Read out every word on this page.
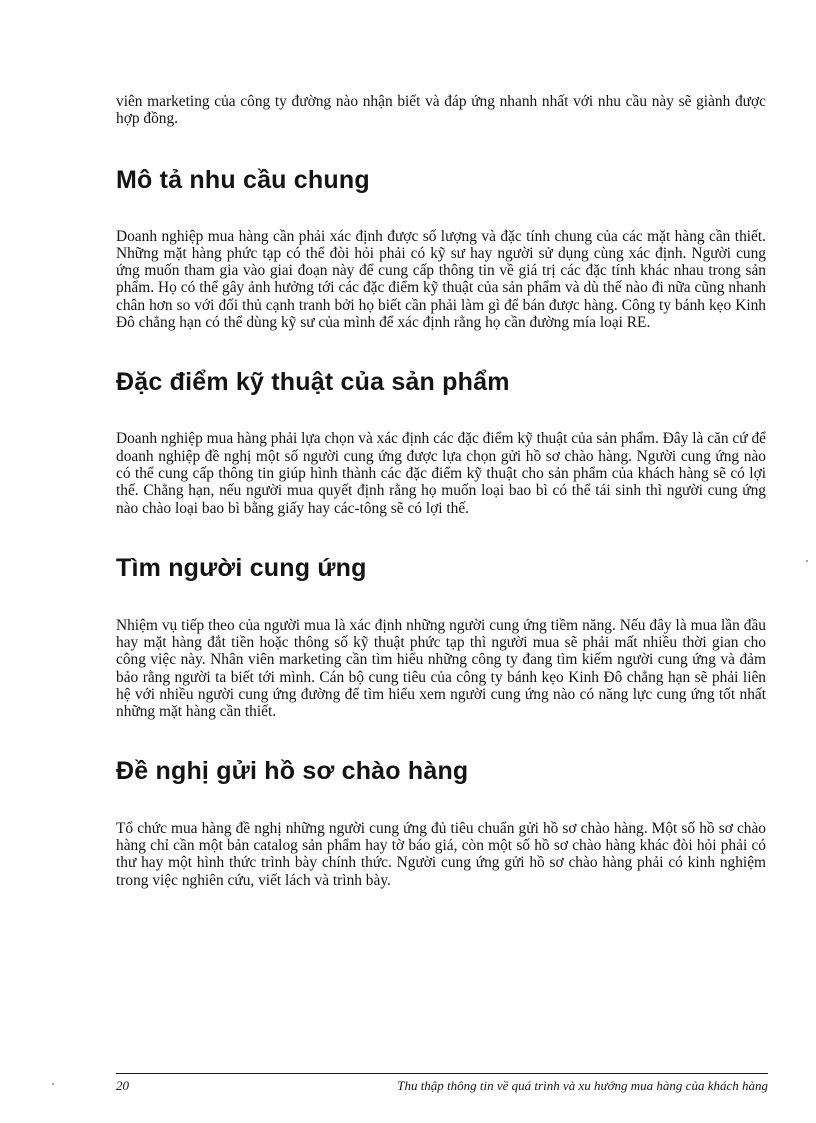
viên marketing của công ty đường nào nhận biết và đáp ứng nhanh nhất với nhu cầu này sẽ giành được hợp đồng.

Mô tả nhu cầu chung

Doanh nghiệp mua hàng cần phải xác định được số lượng và đặc tính chung của các mặt hàng cần thiết. Những mặt hàng phức tạp có thể đòi hỏi phải có kỹ sư hay người sử dụng cùng xác định. Người cung ứng muốn tham gia vào giai đoạn này để cung cấp thông tin về giá trị các đặc tính khác nhau trong sản phẩm. Họ có thể gây ảnh hưởng tới các đặc điểm kỹ thuật của sản phẩm và dù thế nào đi nữa cũng nhanh chân hơn so với đối thủ cạnh tranh bởi họ biết cần phải làm gì để bán được hàng. Công ty bánh kẹo Kinh Đô chẳng hạn có thể dùng kỹ sư của mình để xác định rằng họ cần đường mía loại RE.

Đặc điểm kỹ thuật của sản phẩm

Doanh nghiệp mua hàng phải lựa chọn và xác định các đặc điểm kỹ thuật của sản phẩm. Đây là căn cứ để doanh nghiệp đề nghị một số người cung ứng được lựa chọn gửi hồ sơ chào hàng. Người cung ứng nào có thể cung cấp thông tin giúp hình thành các đặc điểm kỹ thuật cho sản phẩm của khách hàng sẽ có lợi thế. Chẳng hạn, nếu người mua quyết định rằng họ muốn loại bao bì có thể tái sinh thì người cung ứng nào chào loại bao bì bằng giấy hay các-tông sẽ có lợi thế.

Tìm người cung ứng

Nhiệm vụ tiếp theo của người mua là xác định những người cung ứng tiềm năng. Nếu đây là mua lần đầu hay mặt hàng đắt tiền hoặc thông số kỹ thuật phức tạp thì người mua sẽ phải mất nhiều thời gian cho công việc này. Nhân viên marketing cần tìm hiểu những công ty đang tìm kiếm người cung ứng và đảm bảo rằng người ta biết tới mình. Cán bộ cung tiêu của công ty bánh kẹo Kinh Đô chẳng hạn sẽ phải liên hệ với nhiều người cung ứng đường để tìm hiểu xem người cung ứng nào có năng lực cung ứng tốt nhất những mặt hàng cần thiết.

Đề nghị gửi hồ sơ chào hàng

Tổ chức mua hàng đề nghị những người cung ứng đủ tiêu chuẩn gửi hồ sơ chào hàng. Một số hồ sơ chào hàng chỉ cần một bản catalog sản phẩm hay tờ báo giá, còn một số hồ sơ chào hàng khác đòi hỏi phải có thư hay một hình thức trình bày chính thức. Người cung ứng gửi hồ sơ chào hàng phải có kinh nghiệm trong việc nghiên cứu, viết lách và trình bày.

20	Thu thập thông tin về quá trình và xu hướng mua hàng của khách hàng
